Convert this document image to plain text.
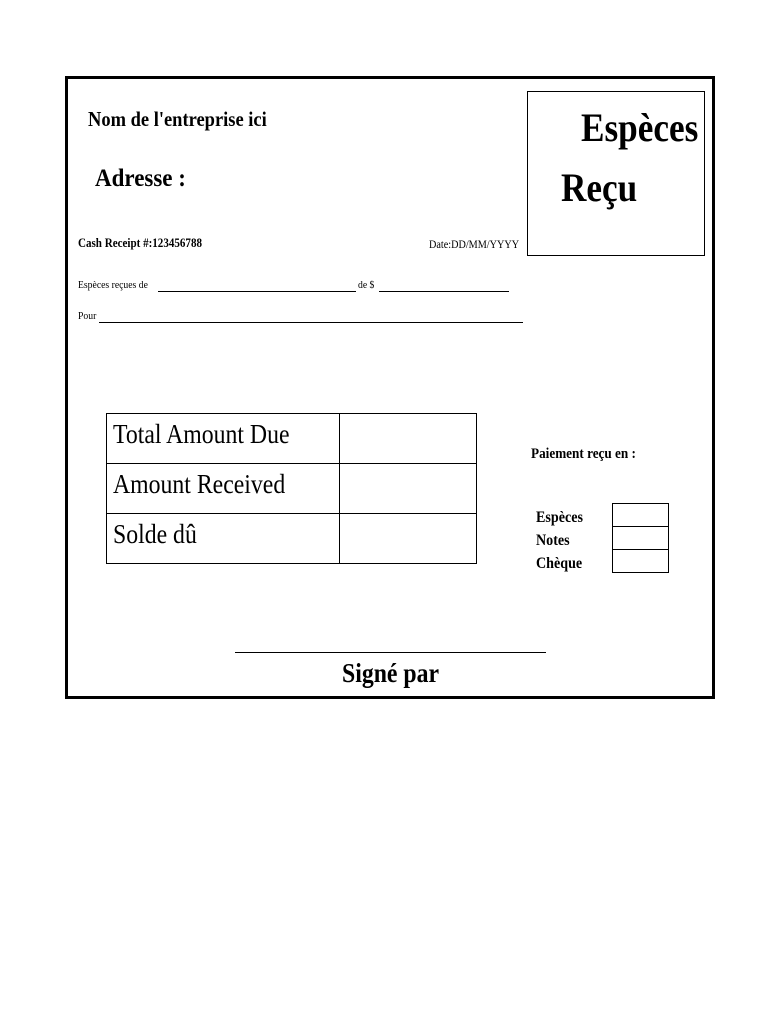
Nom de l'entreprise ici
Adresse :
Espèces
Reçu
Cash Receipt #:123456788	Date:DD/MM/YYYY
Espèces reçues de	de $
Pour
Total Amount Due	
Amount Received	
Solde dû	
Paiement reçu en :
Espèces
Notes
Chèque
Signé par
